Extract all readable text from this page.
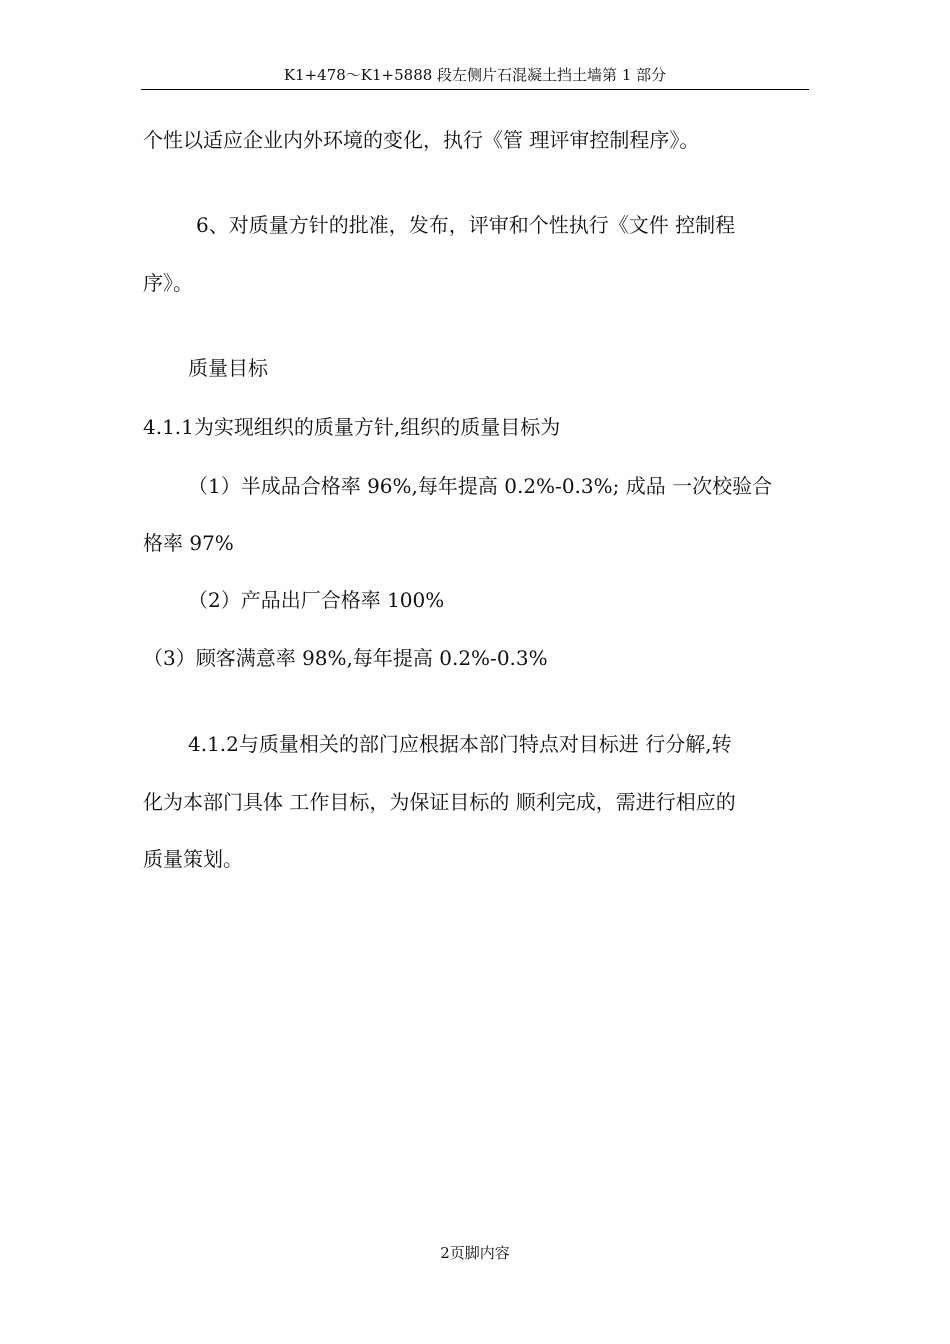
K1+478～K1+5888 段左侧片石混凝土挡土墙第 1 部分
个性以适应企业内外环境的变化，执行《管 理评审控制程序》。
6、对质量方针的批准，发布，评审和个性执行《文件 控制程
序》。
质量目标
4.1.1为实现组织的质量方针,组织的质量目标为
（1）半成品合格率 96%,每年提高 0.2%-0.3%; 成品 一次校验合
格率 97%
（2）产品出厂合格率 100%
（3）顾客满意率 98%,每年提高 0.2%-0.3%
4.1.2与质量相关的部门应根据本部门特点对目标进 行分解,转
化为本部门具体 工作目标，为保证目标的 顺利完成，需进行相应的
质量策划。
2页脚内容
